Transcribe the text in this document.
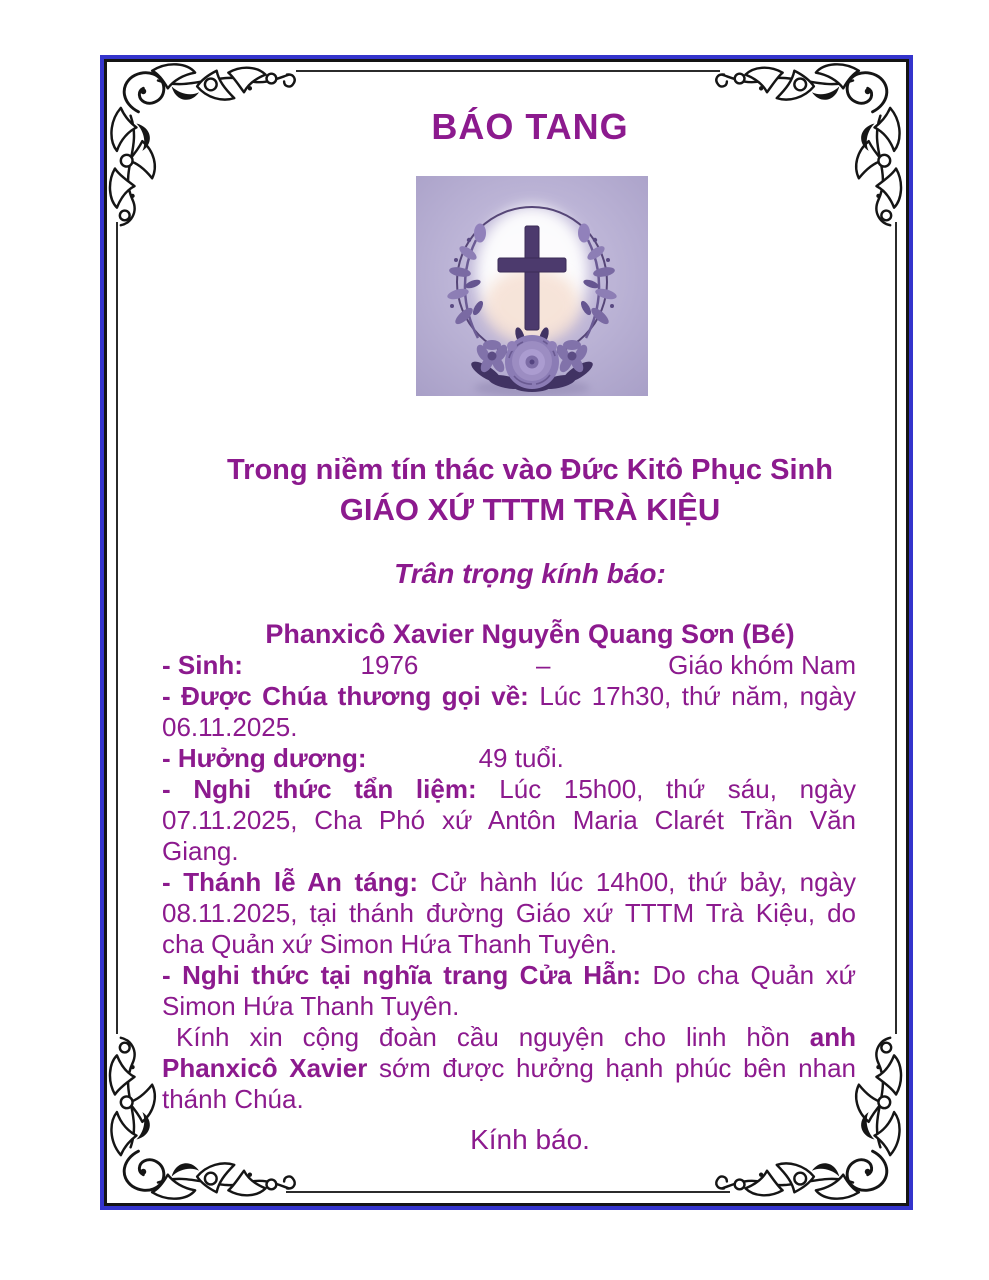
BÁO TANG
Trong niềm tín thác vào Đức Kitô Phục Sinh
GIÁO XỨ TTTM TRÀ KIỆU
Trân trọng kính báo:
Phanxicô Xavier Nguyễn Quang Sơn (Bé)

- Sinh:	1976	–	Giáo khóm Nam

- Được Chúa thương gọi về: Lúc 17h30, thứ năm, ngày 06.11.2025.

- Hưởng dương:	49 tuổi.

- Nghi thức tẩn liệm: Lúc 15h00, thứ sáu, ngày 07.11.2025, Cha Phó xứ Antôn Maria Clarét Trần Văn Giang.

- Thánh lễ An táng: Cử hành lúc 14h00, thứ bảy, ngày 08.11.2025, tại thánh đường Giáo xứ TTTM Trà Kiệu, do cha Quản xứ Simon Hứa Thanh Tuyên.

- Nghi thức tại nghĩa trang Cửa Hẫn: Do cha Quản xứ Simon Hứa Thanh Tuyên.

Kính xin cộng đoàn cầu nguyện cho linh hồn anh Phanxicô Xavier sớm được hưởng hạnh phúc bên nhan thánh Chúa.

Kính báo.
